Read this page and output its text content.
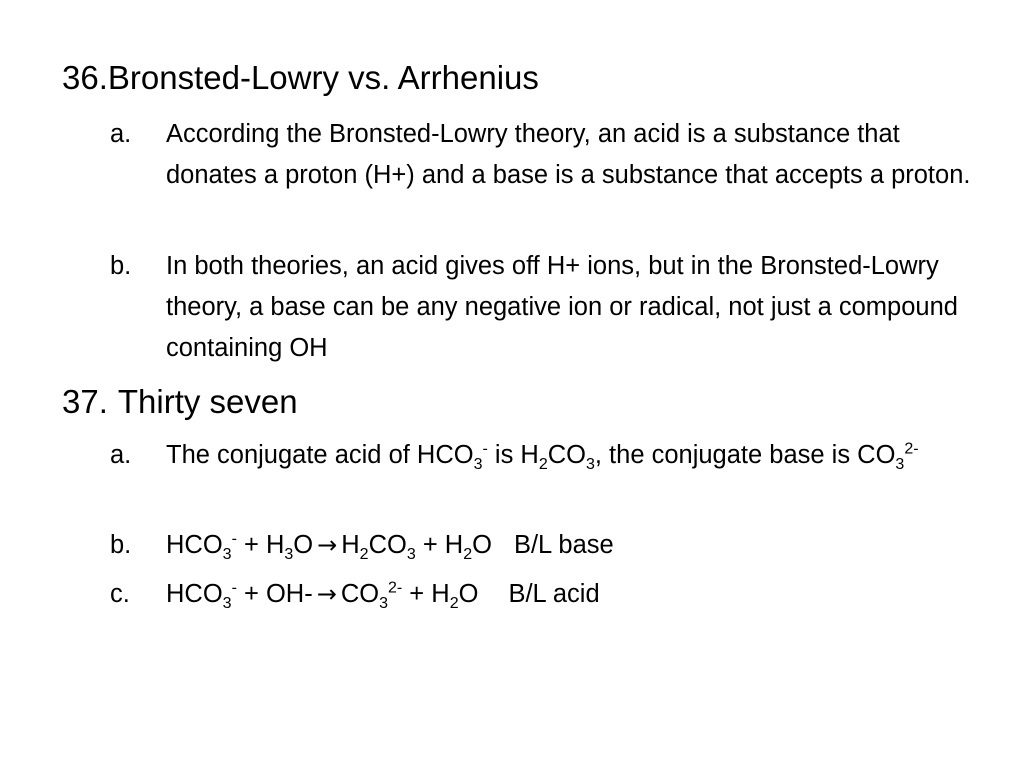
36.Bronsted-Lowry vs. Arrhenius
a.	According the Bronsted-Lowry theory, an acid is a substance that donates a proton (H+) and a base is a substance that accepts a proton.
b.	In both theories, an acid gives off H+ ions, but in the Bronsted-Lowry theory, a base can be any negative ion or radical, not just a compound containing OH
37. Thirty seven
a.	The conjugate acid of $HCO_3^-$ is $H_2CO_3$, the conjugate base is $CO_3^{2-}$
b.	$HCO_3^- + H_3O \to H_2CO_3 + H_2O$ B/L base
c.	$HCO_3^- + OH- \to CO_3^{2-} + H_2O$ B/L acid
